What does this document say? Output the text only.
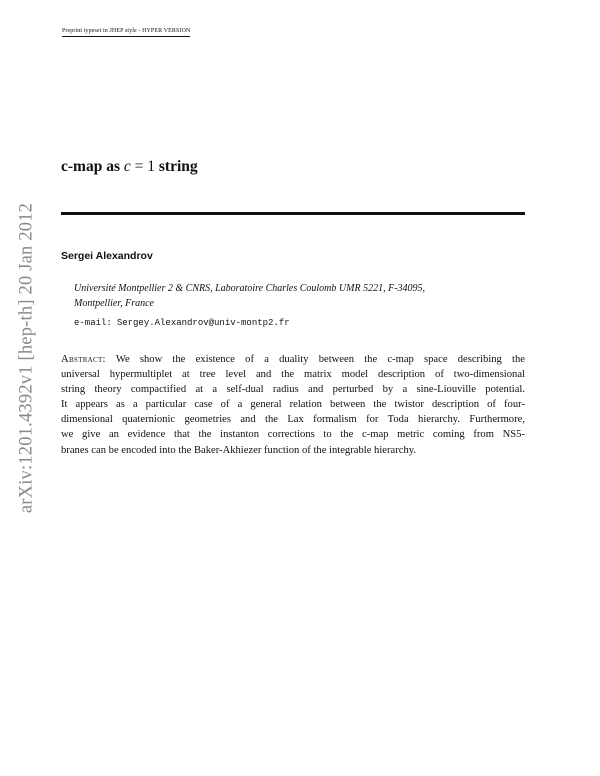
Preprint typeset in JHEP style - HYPER VERSION
arXiv:1201.4392v1 [hep-th] 20 Jan 2012
c-map as c = 1 string
Sergei Alexandrov
Université Montpellier 2 & CNRS, Laboratoire Charles Coulomb UMR 5221, F-34095,
Montpellier, France
e-mail: Sergey.Alexandrov@univ-montp2.fr
Abstract: We show the existence of a duality between the c-map space describing the
universal hypermultiplet at tree level and the matrix model description of two-dimensional
string theory compactified at a self-dual radius and perturbed by a sine-Liouville potential.
It appears as a particular case of a general relation between the twistor description of four-
dimensional quaternionic geometries and the Lax formalism for Toda hierarchy. Furthermore,
we give an evidence that the instanton corrections to the c-map metric coming from NS5-
branes can be encoded into the Baker-Akhiezer function of the integrable hierarchy.
